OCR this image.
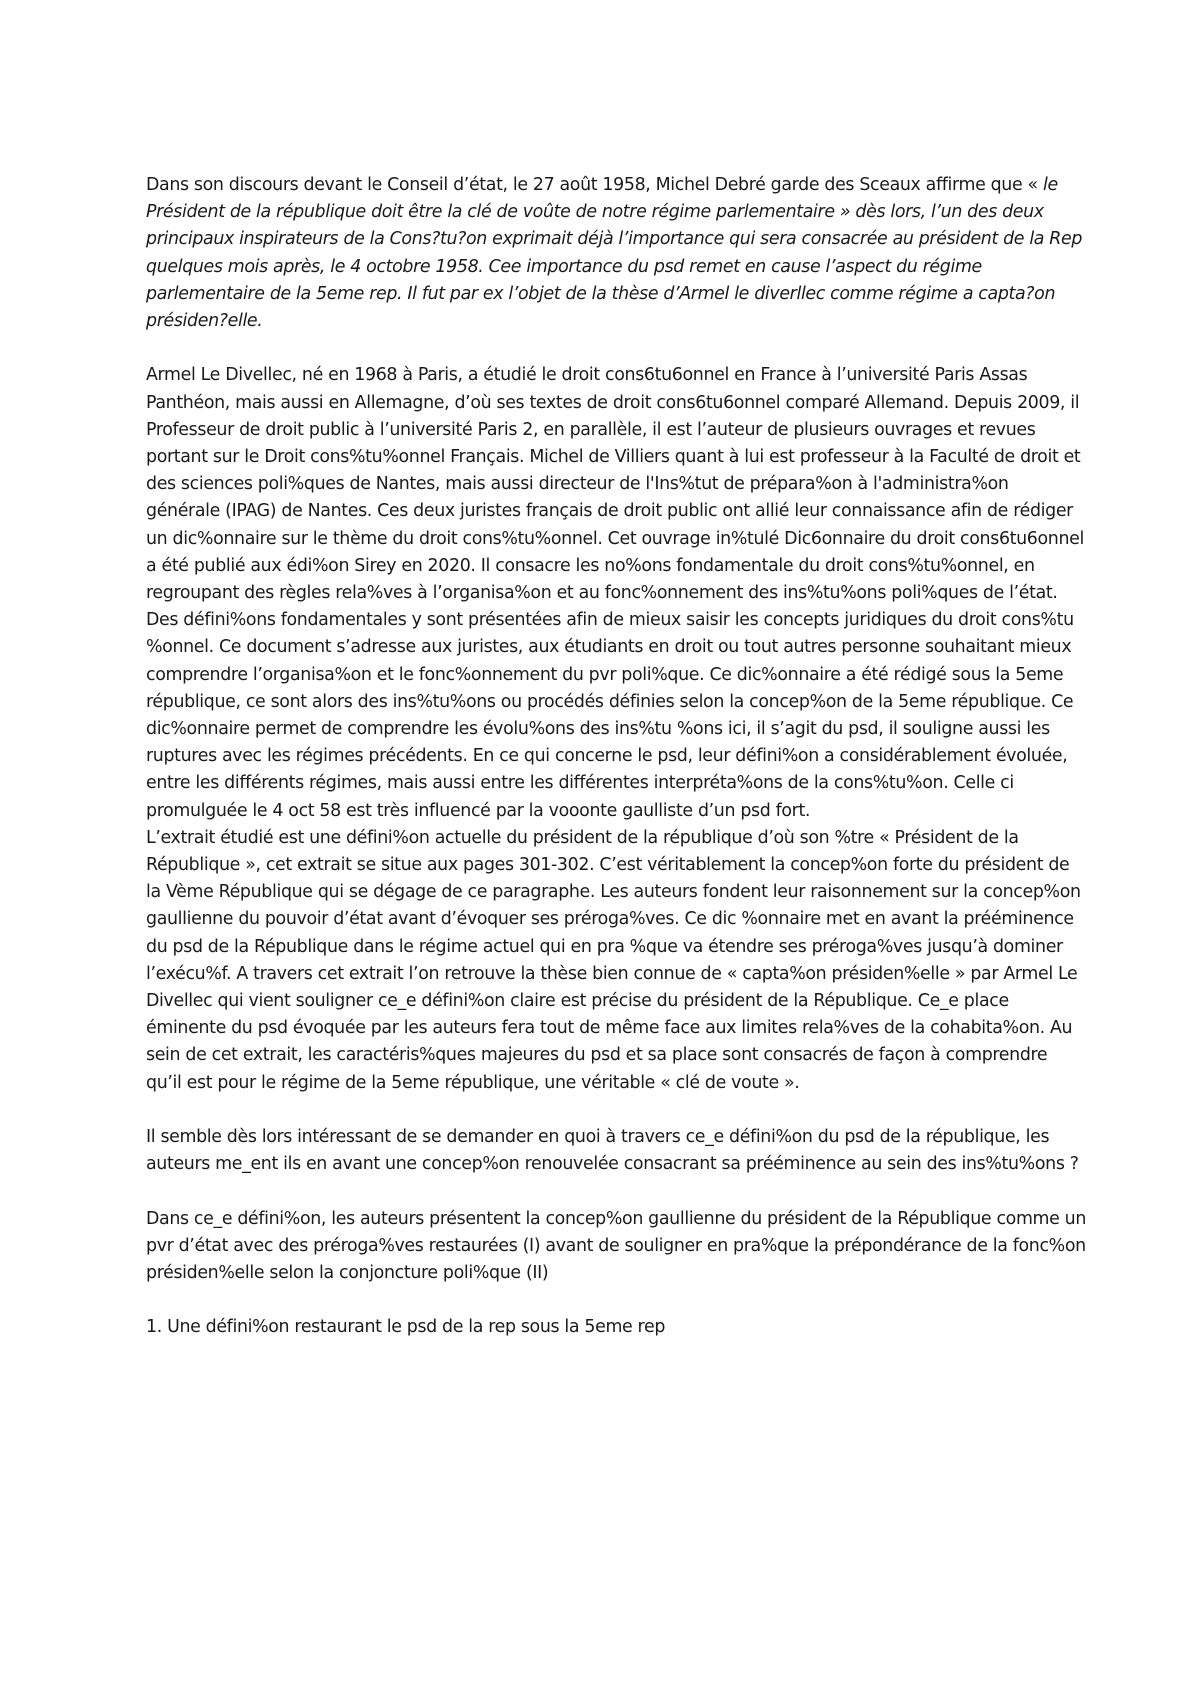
Dans son discours devant le Conseil d’état, le 27 août 1958, Michel Debré garde des Sceaux affirme que « le Président de la république doit être la clé de voûte de notre régime parlementaire » dès lors, l’un des deux principaux inspirateurs de la Cons?tu?on exprimait déjà l’importance qui sera consacrée au président de la Rep quelques mois après, le 4 octobre 1958. Cee importance du psd remet en cause l’aspect du régime parlementaire de la 5eme rep. Il fut par ex l’objet de la thèse d’Armel le diverllec comme régime a capta?on présiden?elle.

Armel Le Divellec, né en 1968 à Paris, a étudié le droit cons6tu6onnel en France à l’université Paris Assas Panthéon, mais aussi en Allemagne, d’où ses textes de droit cons6tu6onnel comparé Allemand. Depuis 2009, il Professeur de droit public à l’université Paris 2, en parallèle, il est l’auteur de plusieurs ouvrages et revues portant sur le Droit cons%tu%onnel Français. Michel de Villiers quant à lui est professeur à la Faculté de droit et des sciences poli%ques de Nantes, mais aussi directeur de l'Ins%tut de prépara%on à l'administra%on générale (IPAG) de Nantes. Ces deux juristes français de droit public ont allié leur connaissance afin de rédiger un dic%onnaire sur le thème du droit cons%tu%onnel. Cet ouvrage in%tulé Dic6onnaire du droit cons6tu6onnel a été publié aux édi%on Sirey en 2020. Il consacre les no%ons fondamentale du droit cons%tu%onnel, en regroupant des règles rela%ves à l’organisa%on et au fonc%onnement des ins%tu%ons poli%ques de l’état. Des défini%ons fondamentales y sont présentées afin de mieux saisir les concepts juridiques du droit cons%tu %onnel. Ce document s’adresse aux juristes, aux étudiants en droit ou tout autres personne souhaitant mieux comprendre l’organisa%on et le fonc%onnement du pvr poli%que. Ce dic%onnaire a été rédigé sous la 5eme république, ce sont alors des ins%tu%ons ou procédés définies selon la concep%on de la 5eme république. Ce dic%onnaire permet de comprendre les évolu%ons des ins%tu %ons ici, il s’agit du psd, il souligne aussi les ruptures avec les régimes précédents. En ce qui concerne le psd, leur défini%on a considérablement évoluée, entre les différents régimes, mais aussi entre les différentes interpréta%ons de la cons%tu%on. Celle ci promulguée le 4 oct 58 est très influencé par la vooonte gaulliste d’un psd fort.

L’extrait étudié est une défini%on actuelle du président de la république d’où son %tre « Président de la République », cet extrait se situe aux pages 301-302. C’est véritablement la concep%on forte du président de la Vème République qui se dégage de ce paragraphe. Les auteurs fondent leur raisonnement sur la concep%on gaullienne du pouvoir d’état avant d’évoquer ses préroga%ves. Ce dic %onnaire met en avant la prééminence du psd de la République dans le régime actuel qui en pra %que va étendre ses préroga%ves jusqu’à dominer l’exécu%f. A travers cet extrait l’on retrouve la thèse bien connue de « capta%on présiden%elle » par Armel Le Divellec qui vient souligner ce_e défini%on claire est précise du président de la République. Ce_e place éminente du psd évoquée par les auteurs fera tout de même face aux limites rela%ves de la cohabita%on. Au sein de cet extrait, les caractéris%ques majeures du psd et sa place sont consacrés de façon à comprendre qu’il est pour le régime de la 5eme république, une véritable « clé de voute ».

Il semble dès lors intéressant de se demander en quoi à travers ce_e défini%on du psd de la république, les auteurs me_ent ils en avant une concep%on renouvelée consacrant sa prééminence au sein des ins%tu%ons ?

Dans ce_e défini%on, les auteurs présentent la concep%on gaullienne du président de la République comme un pvr d’état avec des préroga%ves restaurées (I) avant de souligner en pra%que la prépondérance de la fonc%on présiden%elle selon la conjoncture poli%que (II)

1. Une défini%on restaurant le psd de la rep sous la 5eme rep
